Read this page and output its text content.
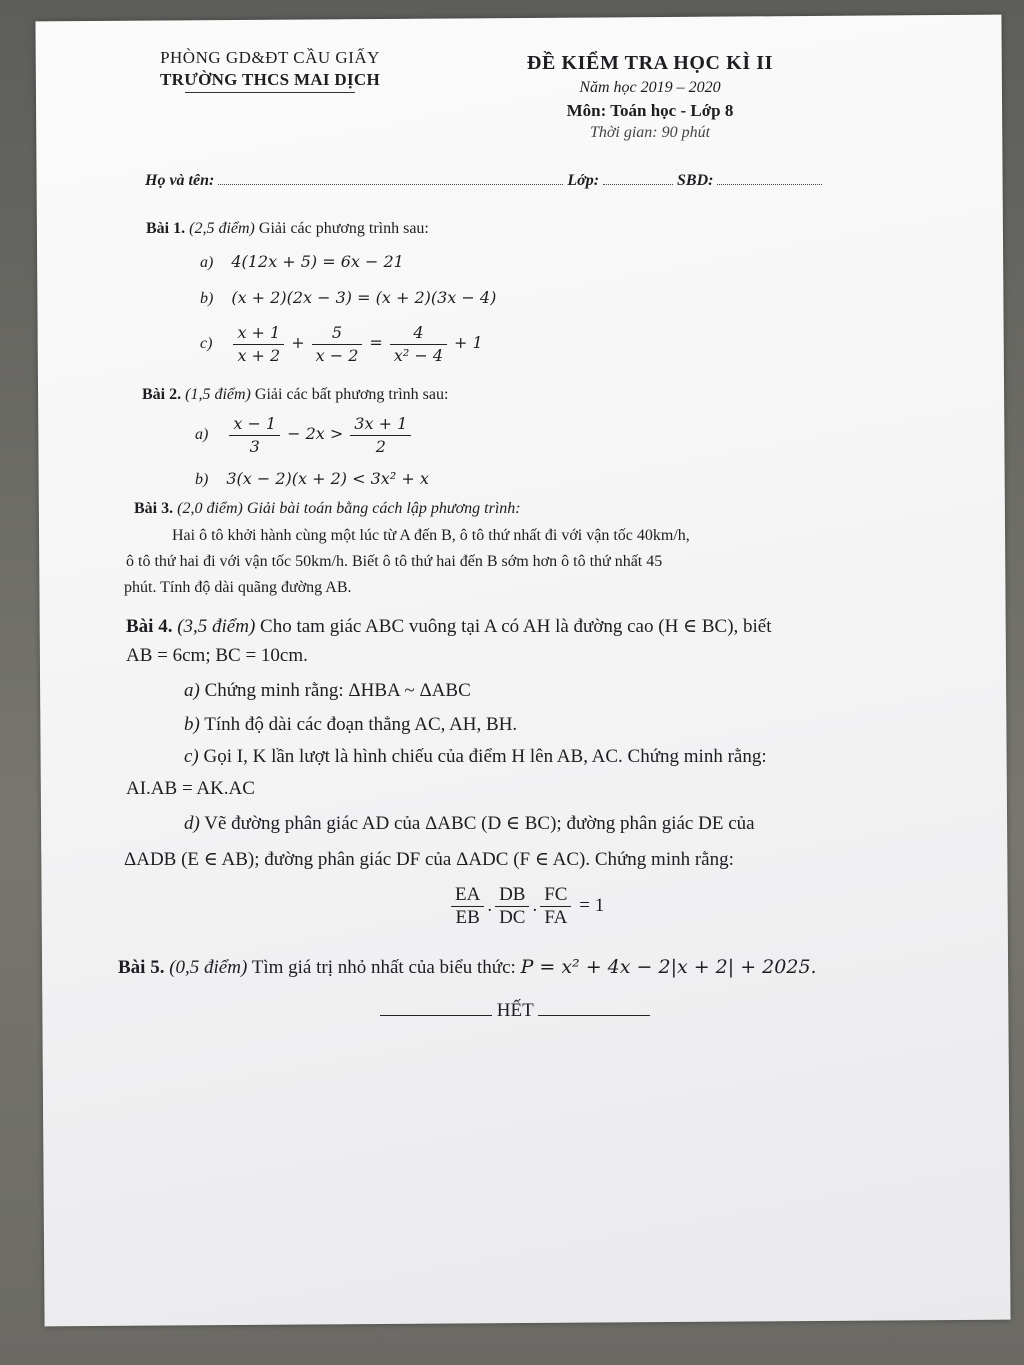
PHÒNG GD&ĐT CẦU GIẤY
TRƯỜNG THCS MAI DỊCH
ĐỀ KIỂM TRA HỌC KÌ II
Năm học 2019 – 2020
Môn: Toán học - Lớp 8
Thời gian: 90 phút
Họ và tên:	Lớp:	SBD:
Bài 1. (2,5 điểm) Giải các phương trình sau:
a) 4(12x + 5) = 6x − 21
b) (x + 2)(2x − 3) = (x + 2)(3x − 4)
$c) \frac{x + 1}{x + 2} + \frac{5}{x - 2} = \frac{4}{\text{x² − 4}} + 1$
Bài 2. (1,5 điểm) Giải các bất phương trình sau:
$a) \frac{x - 1}{3} - 2x > \frac{3x + 1}{2}$
b) 3(x − 2)(x + 2) < 3x² + x
Bài 3. (2,0 điểm) Giải bài toán bằng cách lập phương trình:
Hai ô tô khởi hành cùng một lúc từ A đến B, ô tô thứ nhất đi với vận tốc 40km/h,
ô tô thứ hai đi với vận tốc 50km/h. Biết ô tô thứ hai đến B sớm hơn ô tô thứ nhất 45
phút. Tính độ dài quãng đường AB.
Bài 4. (3,5 điểm) Cho tam giác ABC vuông tại A có AH là đường cao (H ∈ BC), biết
AB = 6cm; BC = 10cm.
a) Chứng minh rằng: ΔHBA ~ ΔABC
b) Tính độ dài các đoạn thẳng AC, AH, BH.
c) Gọi I, K lần lượt là hình chiếu của điểm H lên AB, AC. Chứng minh rằng:
AI.AB = AK.AC
d) Vẽ đường phân giác AD của ΔABC (D ∈ BC); đường phân giác DE của
ΔADB (E ∈ AB); đường phân giác DF của ΔADC (F ∈ AC). Chứng minh rằng:
$\frac{EA}{EB}$ . $\frac{DB}{DC}$ . $\frac{FC}{FA} = 1$
Bài 5. (0,5 điểm) Tìm giá trị nhỏ nhất của biểu thức: P = x² + 4x − 2|x + 2| + 2025.
HẾT
